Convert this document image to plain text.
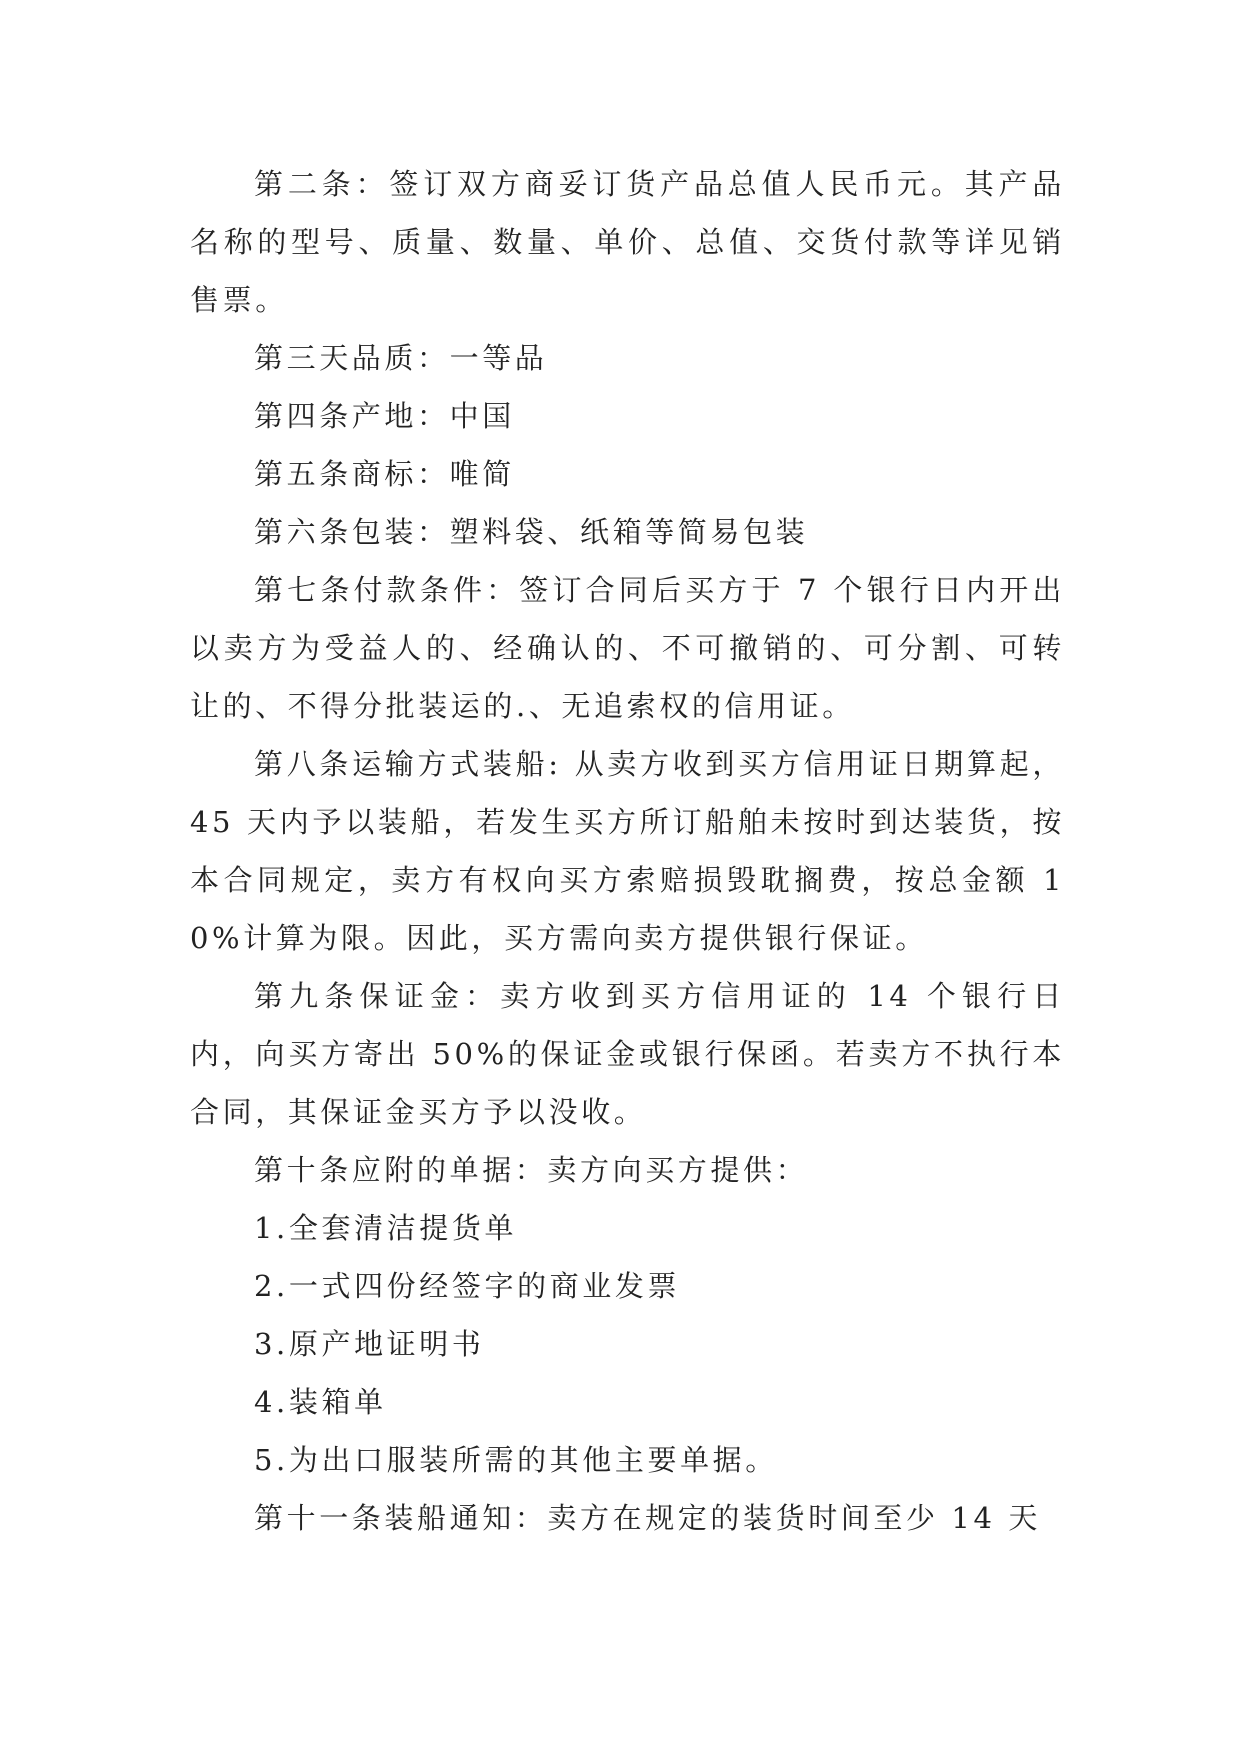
第二条：签订双方商妥订货产品总值人民币元。其产品名称的型号、质量、数量、单价、总值、交货付款等详见销售票。

第三天品质：一等品

第四条产地：中国

第五条商标：唯简

第六条包装：塑料袋、纸箱等简易包装

第七条付款条件：签订合同后买方于 7 个银行日内开出以卖方为受益人的、经确认的、不可撤销的、可分割、可转让的、不得分批装运的.、无追索权的信用证。

第八条运输方式装船: 从卖方收到买方信用证日期算起，45 天内予以装船，若发生买方所订船舶未按时到达装货，按本合同规定，卖方有权向买方索赔损毁耽搁费，按总金额 10%计算为限。因此，买方需向卖方提供银行保证。

第九条保证金：卖方收到买方信用证的 14 个银行日内，向买方寄出 50%的保证金或银行保函。若卖方不执行本合同，其保证金买方予以没收。

第十条应附的单据：卖方向买方提供：

1.全套清洁提货单

2.一式四份经签字的商业发票

3.原产地证明书

4.装箱单

5.为出口服装所需的其他主要单据。

第十一条装船通知：卖方在规定的装货时间至少 14 天
